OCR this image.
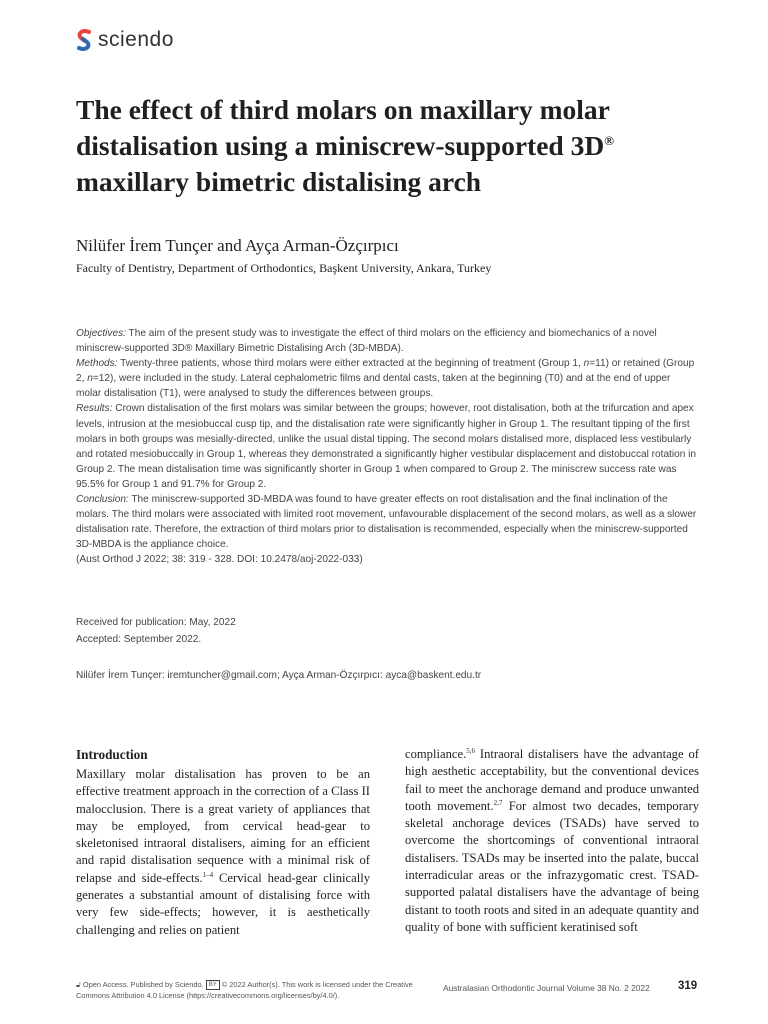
sciendo
The effect of third molars on maxillary molar distalisation using a miniscrew-supported 3D® maxillary bimetric distalising arch
Nilüfer İrem Tunçer and Ayça Arman-Özçırpıcı
Faculty of Dentistry, Department of Orthodontics, Başkent University, Ankara, Turkey

Objectives: The aim of the present study was to investigate the effect of third molars on the efficiency and biomechanics of a novel miniscrew-supported 3D® Maxillary Bimetric Distalising Arch (3D-MBDA).

Methods: Twenty-three patients, whose third molars were either extracted at the beginning of treatment (Group 1, n=11) or retained (Group 2, n=12), were included in the study. Lateral cephalometric films and dental casts, taken at the beginning (T0) and at the end of upper molar distalisation (T1), were analysed to study the differences between groups.

Results: Crown distalisation of the first molars was similar between the groups; however, root distalisation, both at the trifurcation and apex levels, intrusion at the mesiobuccal cusp tip, and the distalisation rate were significantly higher in Group 1. The resultant tipping of the first molars in both groups was mesially-directed, unlike the usual distal tipping. The second molars distalised more, displaced less vestibularly and rotated mesiobuccally in Group 1, whereas they demonstrated a significantly higher vestibular displacement and distobuccal rotation in Group 2. The mean distalisation time was significantly shorter in Group 1 when compared to Group 2. The miniscrew success rate was 95.5% for Group 1 and 91.7% for Group 2.

Conclusion: The miniscrew-supported 3D-MBDA was found to have greater effects on root distalisation and the final inclination of the molars. The third molars were associated with limited root movement, unfavourable displacement of the second molars, as well as a slower distalisation rate. Therefore, the extraction of third molars prior to distalisation is recommended, especially when the miniscrew-supported 3D-MBDA is the appliance choice.

(Aust Orthod J 2022; 38: 319 - 328. DOI: 10.2478/aoj-2022-033)

Received for publication: May, 2022
Accepted: September 2022.
Nilüfer İrem Tunçer: iremtuncher@gmail.com; Ayça Arman-Özçırpıcı: ayca@baskent.edu.tr
Introduction

Maxillary molar distalisation has proven to be an effective treatment approach in the correction of a Class II malocclusion. There is a great variety of appliances that may be employed, from cervical head-gear to skeletonised intraoral distalisers, aiming for an efficient and rapid distalisation sequence with a minimal risk of relapse and side-effects.$^{1-4}$ Cervical head-gear clinically generates a substantial amount of distalising force with very few side-effects; however, it is aesthetically challenging and relies on patient

compliance.$^{5,6}$ Intraoral distalisers have the advantage of high aesthetic acceptability, but the conventional devices fail to meet the anchorage demand and produce unwanted tooth movement.$^{2,7}$ For almost two decades, temporary skeletal anchorage devices (TSADs) have served to overcome the shortcomings of conventional intraoral distalisers. TSADs may be inserted into the palate, buccal interradicular areas or the infrazygomatic crest. TSAD-supported palatal distalisers have the advantage of being distant to tooth roots and sited in an adequate quantity and quality of bone with sufficient keratinised soft

🔓︎ Open Access. Published by Sciendo. BY © 2022 Author(s). This work is licensed under the Creative Commons Attribution 4.0 License (https://creativecommons.org/licenses/by/4.0/).
Australasian Orthodontic Journal Volume 38 No. 2 2022 319
